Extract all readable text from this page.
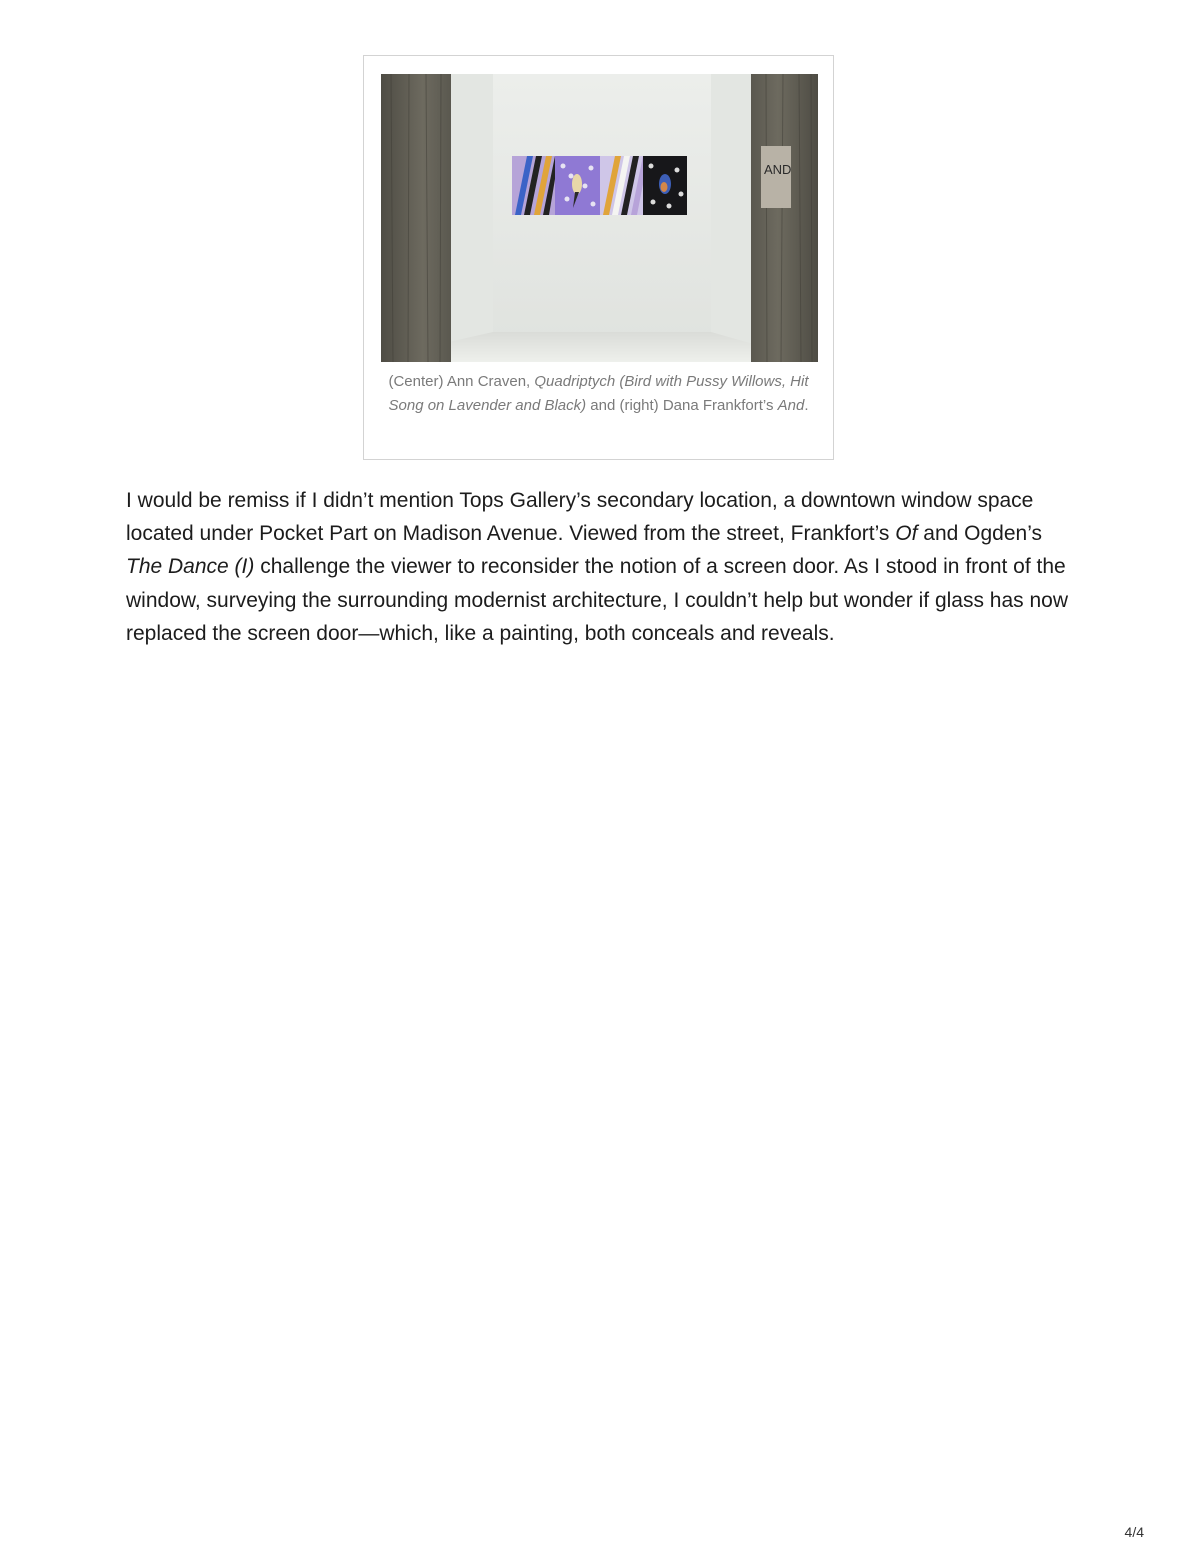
AND
(Center) Ann Craven, Quadriptych (Bird with Pussy Willows, Hit Song on Lavender and Black) and (right) Dana Frankfort’s And.

I would be remiss if I didn’t mention Tops Gallery’s secondary location, a downtown window space located under Pocket Part on Madison Avenue. Viewed from the street, Frankfort’s Of and Ogden’s The Dance (I) challenge the viewer to reconsider the notion of a screen door. As I stood in front of the window, surveying the surrounding modernist architecture, I couldn’t help but wonder if glass has now replaced the screen door—which, like a painting, both conceals and reveals.

4/4
